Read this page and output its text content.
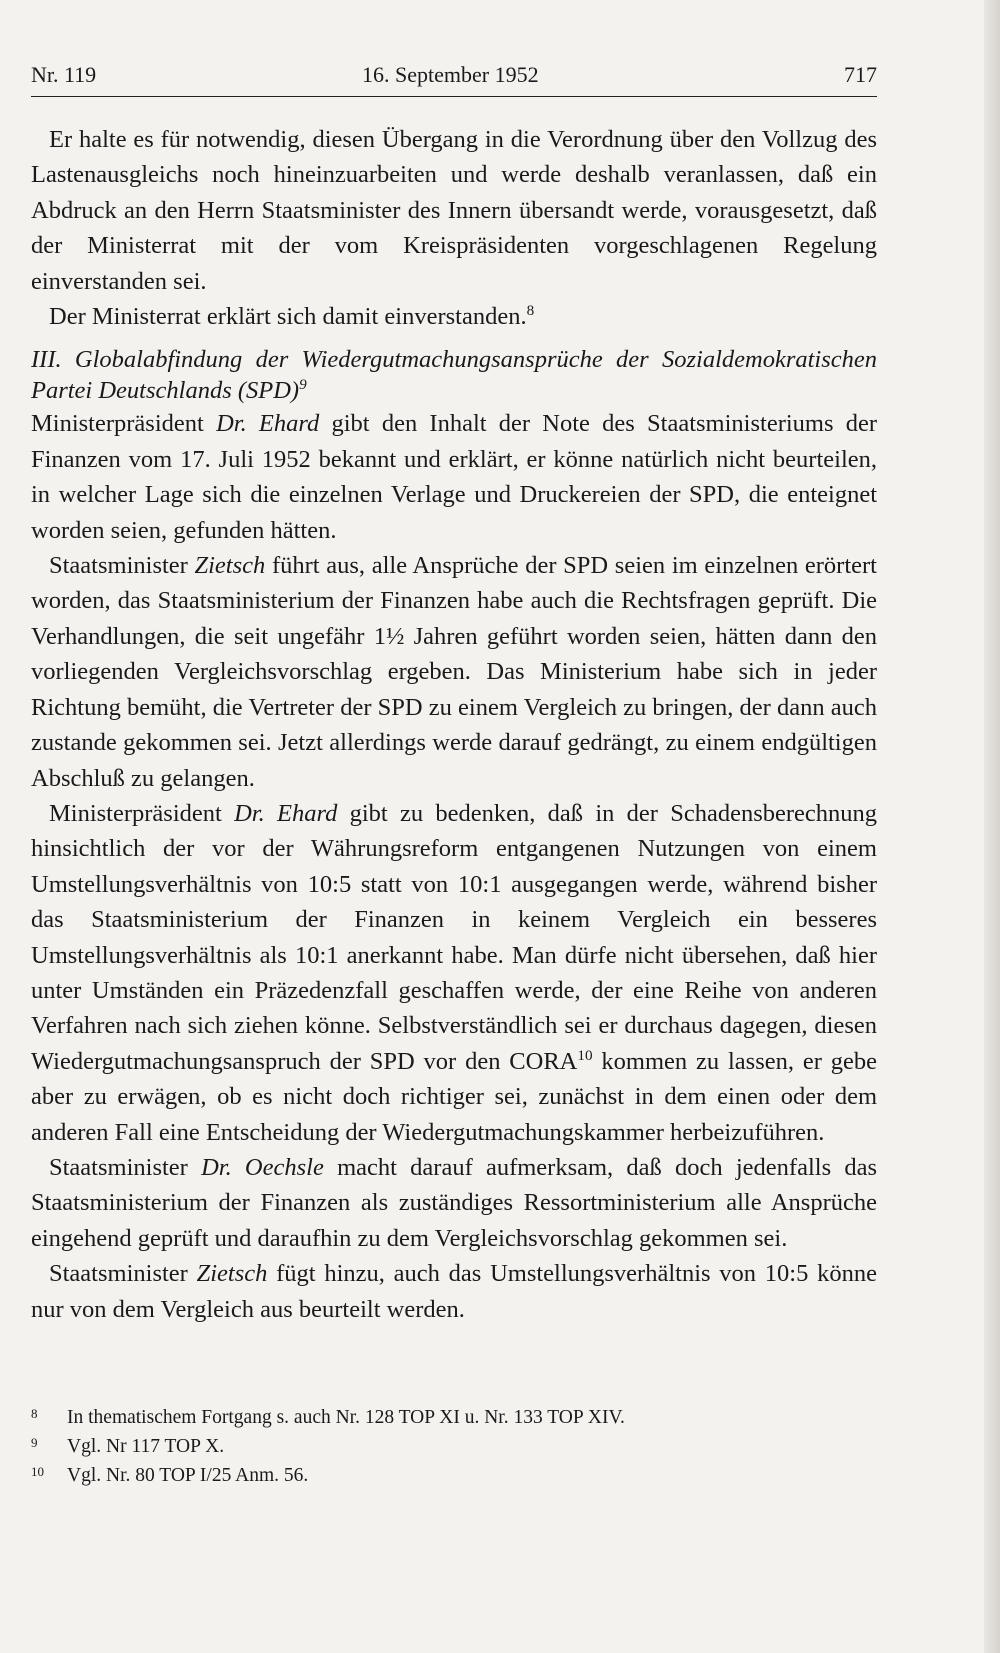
Nr. 119	16. September 1952	717

Er halte es für notwendig, diesen Übergang in die Verordnung über den Vollzug des Lastenausgleichs noch hineinzuarbeiten und werde deshalb veranlassen, daß ein Abdruck an den Herrn Staatsminister des Innern übersandt werde, vorausgesetzt, daß der Ministerrat mit der vom Kreispräsidenten vorgeschlagenen Regelung einverstanden sei.

Der Ministerrat erklärt sich damit einverstanden.$^8$

III. Globalabfindung der Wiedergutmachungsansprüche der Sozialdemokratischen Partei Deutschlands (SPD)$^9$

Ministerpräsident Dr. Ehard gibt den Inhalt der Note des Staatsministeriums der Finanzen vom 17. Juli 1952 bekannt und erklärt, er könne natürlich nicht beurteilen, in welcher Lage sich die einzelnen Verlage und Druckereien der SPD, die enteignet worden seien, gefunden hätten.

Staatsminister Zietsch führt aus, alle Ansprüche der SPD seien im einzelnen erörtert worden, das Staatsministerium der Finanzen habe auch die Rechtsfragen geprüft. Die Verhandlungen, die seit ungefähr 1½ Jahren geführt worden seien, hätten dann den vorliegenden Vergleichsvorschlag ergeben. Das Ministerium habe sich in jeder Richtung bemüht, die Vertreter der SPD zu einem Vergleich zu bringen, der dann auch zustande gekommen sei. Jetzt allerdings werde darauf gedrängt, zu einem endgültigen Abschluß zu gelangen.

Ministerpräsident Dr. Ehard gibt zu bedenken, daß in der Schadensberechnung hinsichtlich der vor der Währungsreform entgangenen Nutzungen von einem Umstellungsverhältnis von 10:5 statt von 10:1 ausgegangen werde, während bisher das Staatsministerium der Finanzen in keinem Vergleich ein besseres Umstellungsverhältnis als 10:1 anerkannt habe. Man dürfe nicht übersehen, daß hier unter Umständen ein Präzedenzfall geschaffen werde, der eine Reihe von anderen Verfahren nach sich ziehen könne. Selbstverständlich sei er durchaus dagegen, diesen Wiedergutmachungsanspruch der SPD vor den CORA$^{10}$ kommen zu lassen, er gebe aber zu erwägen, ob es nicht doch richtiger sei, zunächst in dem einen oder dem anderen Fall eine Entscheidung der Wiedergutmachungskammer herbeizuführen.

Staatsminister Dr. Oechsle macht darauf aufmerksam, daß doch jedenfalls das Staatsministerium der Finanzen als zuständiges Ressortministerium alle Ansprüche eingehend geprüft und daraufhin zu dem Vergleichsvorschlag gekommen sei.

Staatsminister Zietsch fügt hinzu, auch das Umstellungsverhältnis von 10:5 könne nur von dem Vergleich aus beurteilt werden.

8 In thematischem Fortgang s. auch Nr. 128 TOP XI u. Nr. 133 TOP XIV.
9 Vgl. Nr 117 TOP X.
10 Vgl. Nr. 80 TOP I/25 Anm. 56.
